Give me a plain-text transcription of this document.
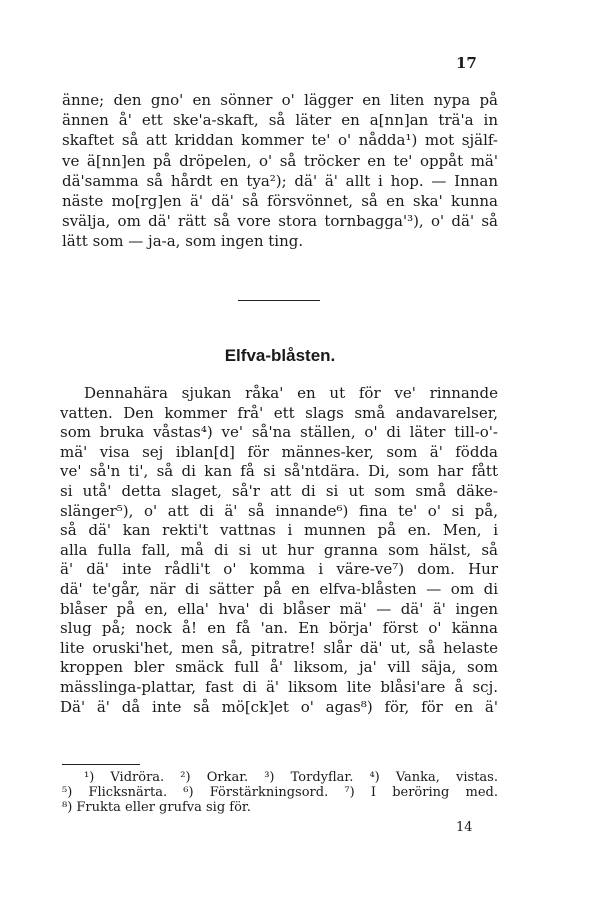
17
änne; den gno' en sönner o' lägger en liten nypa på
ännen å' ett ske'a-skaft, så läter en a[nn]an trä'a in
skaftet så att kriddan kommer te' o' nådda¹) mot själf-
ve ä[nn]en på dröpelen, o' så tröcker en te' oppåt mä'
dä'samma så hårdt en tya²); dä' ä' allt i hop. — Innan
näste mo[rg]en ä' dä' så försvönnet, så en ska' kunna
svälja, om dä' rätt så vore stora tornbagga'³), o' dä' så
lätt som — ja-a, som ingen ting.
Elfva-blåsten.
Dennahära sjukan råka' en ut för ve' rinnande
vatten. Den kommer frå' ett slags små andavarelser,
som bruka våstas⁴) ve' så'na ställen, o' di läter till-o'-
mä' visa sej iblan[d] för männes-ker, som ä' födda
ve' så'n ti', så di kan få si så'ntdära. Di, som har fått
si utå' detta slaget, så'r att di si ut som små däke-
slänger⁵), o' att di ä' så innande⁶) fina te' o' si på,
så dä' kan rekti't vattnas i munnen på en. Men, i
alla fulla fall, må di si ut hur granna som hälst, så
ä' dä' inte rådli't o' komma i väre-ve⁷) dom. Hur
dä' te'går, när di sätter på en elfva-blåsten — om di
blåser på en, ella' hva' di blåser mä' — dä' ä' ingen
slug på; nock å! en få 'an. En börja' först o' känna
lite oruski'het, men så, pitratre! slår dä' ut, så helaste
kroppen bler smäck full å' liksom, ja' vill säja, som
mässlinga-plattar, fast di ä' liksom lite blåsi'are å scj.
Dä' ä' då inte så mö[ck]et o' agas⁸) för, för en ä'
¹) Vidröra. ²) Orkar. ³) Tordyflar. ⁴) Vanka, vistas.
⁵) Flicksnärta. ⁶) Förstärkningsord. ⁷) I beröring med.
⁸) Frukta eller grufva sig för.
14
